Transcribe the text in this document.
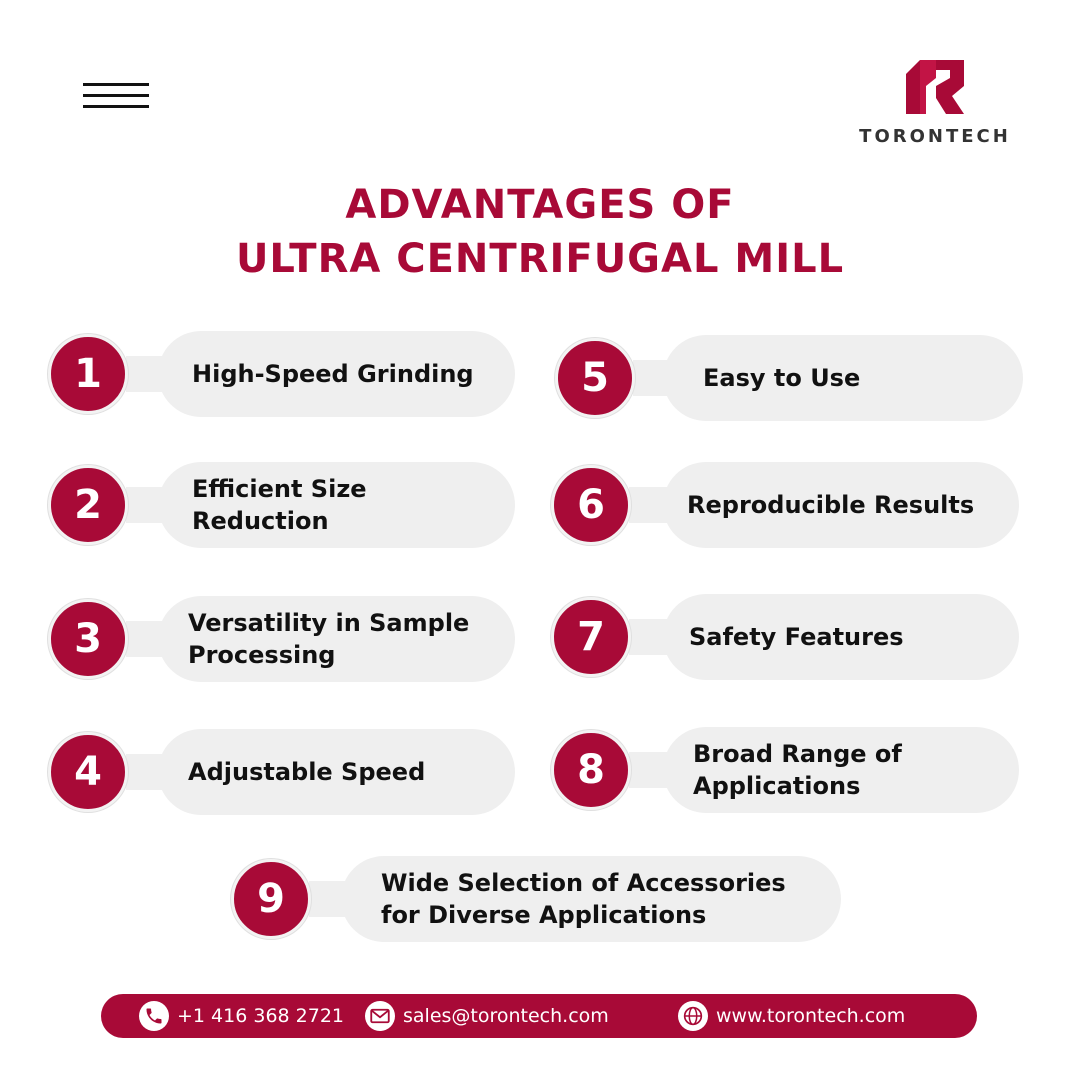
TORONTECH
ADVANTAGES OF
ULTRA CENTRIFUGAL MILL
High-Speed Grinding
1
Efficient Size
Reduction
2
Versatility in Sample
Processing
3
Adjustable Speed
4
Easy to Use
5
Reproducible Results
6
Safety Features
7
Broad Range of
Applications
8
Wide Selection of Accessories
for Diverse Applications
9
+1 416 368 2721	sales@torontech.com	www.torontech.com
